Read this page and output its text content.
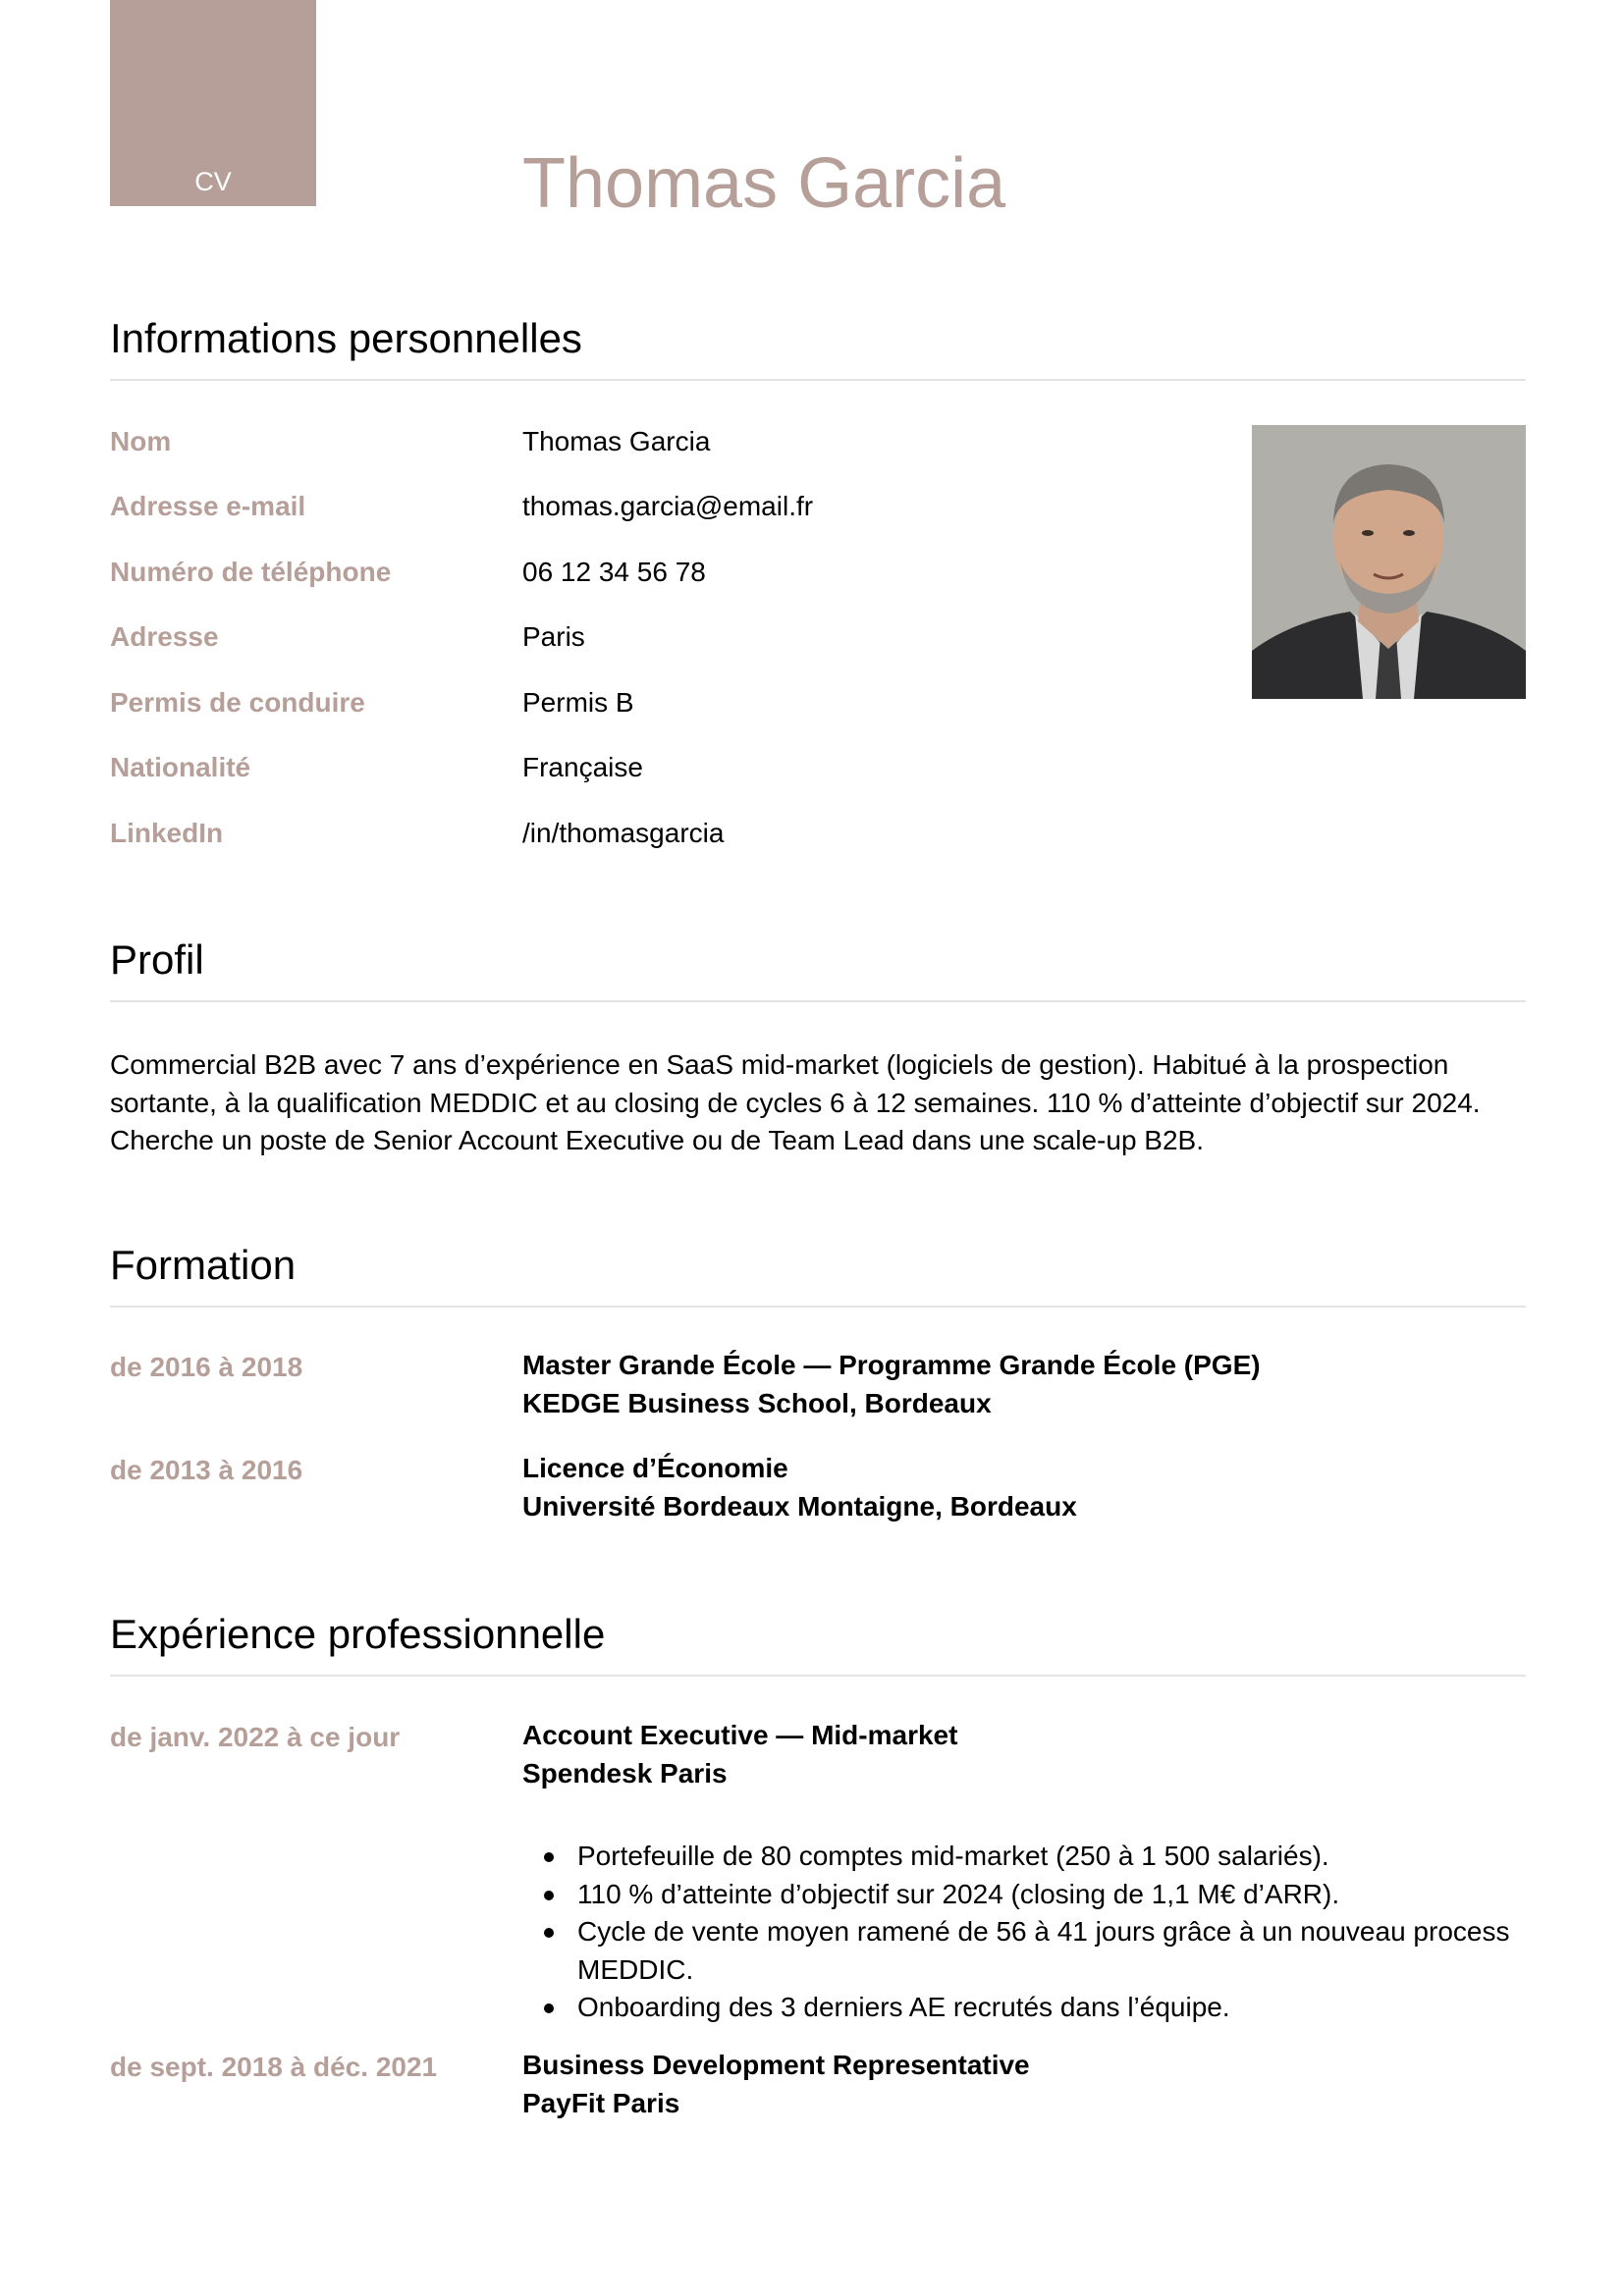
CV	Thomas Garcia
Informations personnelles
Nom	Thomas Garcia
Adresse e-mail	thomas.garcia@email.fr
Numéro de téléphone	06 12 34 56 78
Adresse	Paris
Permis de conduire	Permis B
Nationalité	Française
LinkedIn	/in/thomasgarcia
Profil
Commercial B2B avec 7 ans d’expérience en SaaS mid-market (logiciels de gestion). Habitué à la prospection sortante, à la qualification MEDDIC et au closing de cycles 6 à 12 semaines. 110 % d’atteinte d’objectif sur 2024. Cherche un poste de Senior Account Executive ou de Team Lead dans une scale-up B2B.
Formation
de 2016 à 2018	Master Grande École — Programme Grande École (PGE)
KEDGE Business School, Bordeaux
de 2013 à 2016	Licence d’Économie
Université Bordeaux Montaigne, Bordeaux
Expérience professionnelle
de janv. 2022 à ce jour	Account Executive — Mid-market
Spendesk Paris
Portefeuille de 80 comptes mid-market (250 à 1 500 salariés).
110 % d’atteinte d’objectif sur 2024 (closing de 1,1 M€ d’ARR).
Cycle de vente moyen ramené de 56 à 41 jours grâce à un nouveau process MEDDIC.
Onboarding des 3 derniers AE recrutés dans l’équipe.
de sept. 2018 à déc. 2021	Business Development Representative
PayFit Paris
